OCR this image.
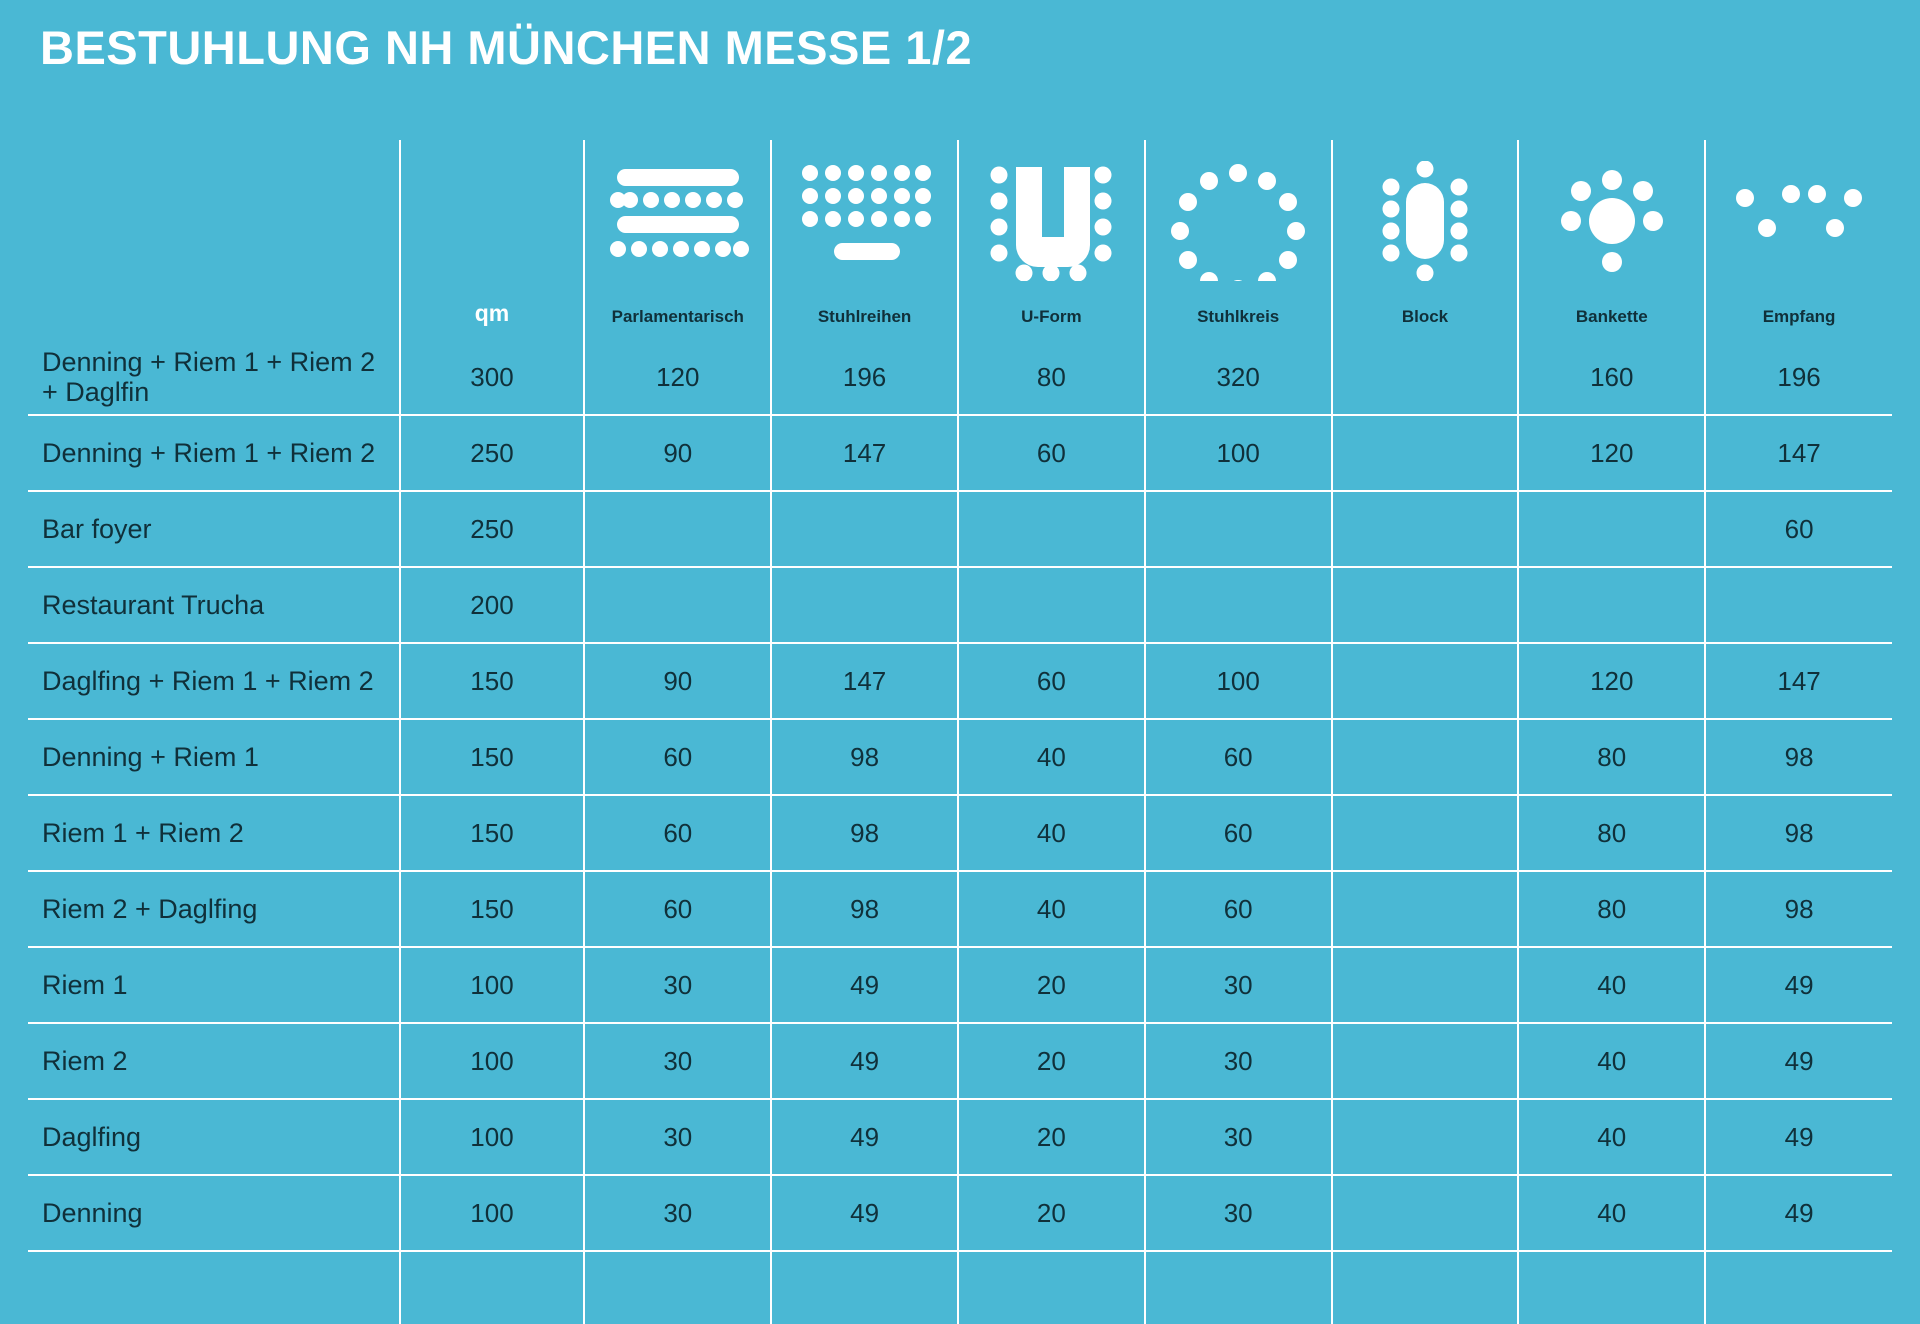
BESTUHLUNG NH MÜNCHEN MESSE 1/2

	qm	Parlamentarisch	Stuhlreihen	U-Form	Stuhlkreis	Block	Bankette	Empfang

Denning + Riem 1 + Riem 2
+ Daglfin	300	120	196	80	320		160	196

Denning + Riem 1 + Riem 2	250	90	147	60	100		120	147

Bar foyer	250							60

Restaurant Trucha	200							

Daglfing + Riem 1 + Riem 2	150	90	147	60	100		120	147

Denning + Riem 1	150	60	98	40	60		80	98

Riem 1 + Riem 2	150	60	98	40	60		80	98

Riem 2 + Daglfing	150	60	98	40	60		80	98

Riem 1	100	30	49	20	30		40	49

Riem 2	100	30	49	20	30		40	49

Daglfing	100	30	49	20	30		40	49

Denning	100	30	49	20	30		40	49
